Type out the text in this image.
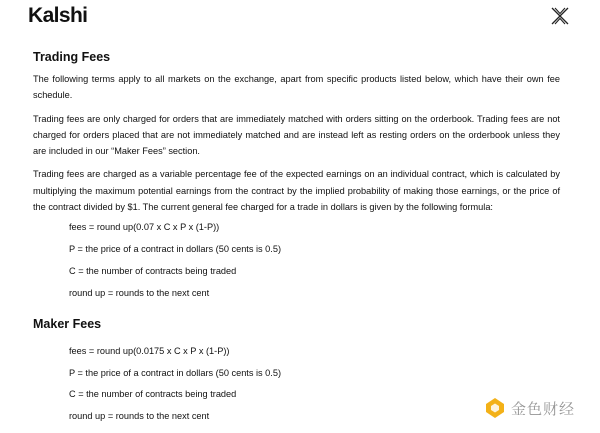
Kalshi
Trading Fees

The following terms apply to all markets on the exchange, apart from specific products listed below, which have their own fee schedule.

Trading fees are only charged for orders that are immediately matched with orders sitting on the orderbook. Trading fees are not charged for orders placed that are not immediately matched and are instead left as resting orders on the orderbook unless they are included in our “Maker Fees” section.

Trading fees are charged as a variable percentage fee of the expected earnings on an individual contract, which is calculated by multiplying the maximum potential earnings from the contract by the implied probability of making those earnings, or the price of the contract divided by $1. The current general fee charged for a trade in dollars is given by the following formula:

fees = round up(0.07 x C x P x (1-P))
P = the price of a contract in dollars (50 cents is 0.5)
C = the number of contracts being traded
round up = rounds to the next cent
Maker Fees
fees = round up(0.0175 x C x P x (1-P))
P = the price of a contract in dollars (50 cents is 0.5)
C = the number of contracts being traded
round up = rounds to the next cent	金色财经
